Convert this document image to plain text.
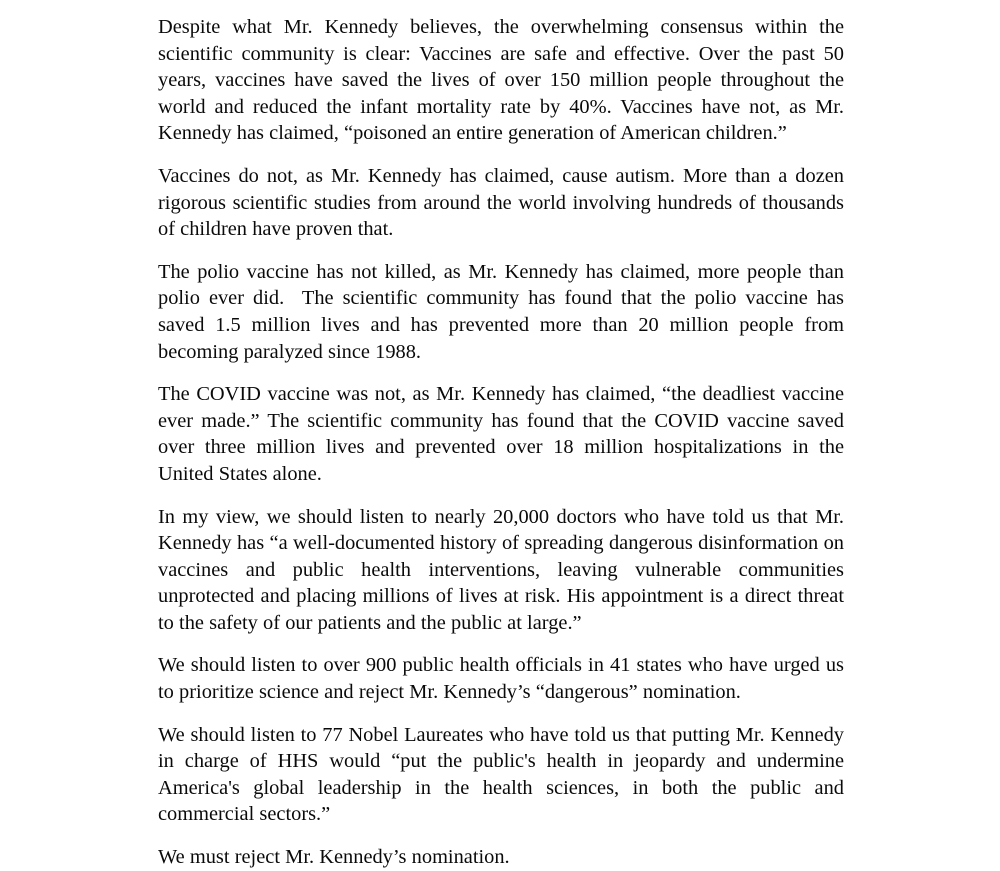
Despite what Mr. Kennedy believes, the overwhelming consensus within the scientific community is clear: Vaccines are safe and effective. Over the past 50 years, vaccines have saved the lives of over 150 million people throughout the world and reduced the infant mortality rate by 40%. Vaccines have not, as Mr. Kennedy has claimed, “poisoned an entire generation of American children.”

Vaccines do not, as Mr. Kennedy has claimed, cause autism. More than a dozen rigorous scientific studies from around the world involving hundreds of thousands of children have proven that.

The polio vaccine has not killed, as Mr. Kennedy has claimed, more people than polio ever did.  The scientific community has found that the polio vaccine has saved 1.5 million lives and has prevented more than 20 million people from becoming paralyzed since 1988.

The COVID vaccine was not, as Mr. Kennedy has claimed, “the deadliest vaccine ever made.” The scientific community has found that the COVID vaccine saved over three million lives and prevented over 18 million hospitalizations in the United States alone.

In my view, we should listen to nearly 20,000 doctors who have told us that Mr. Kennedy has “a well-documented history of spreading dangerous disinformation on vaccines and public health interventions, leaving vulnerable communities unprotected and placing millions of lives at risk. His appointment is a direct threat to the safety of our patients and the public at large.”

We should listen to over 900 public health officials in 41 states who have urged us to prioritize science and reject Mr. Kennedy’s “dangerous” nomination.

We should listen to 77 Nobel Laureates who have told us that putting Mr. Kennedy in charge of HHS would “put the public's health in jeopardy and undermine America's global leadership in the health sciences, in both the public and commercial sectors.”

We must reject Mr. Kennedy’s nomination.
